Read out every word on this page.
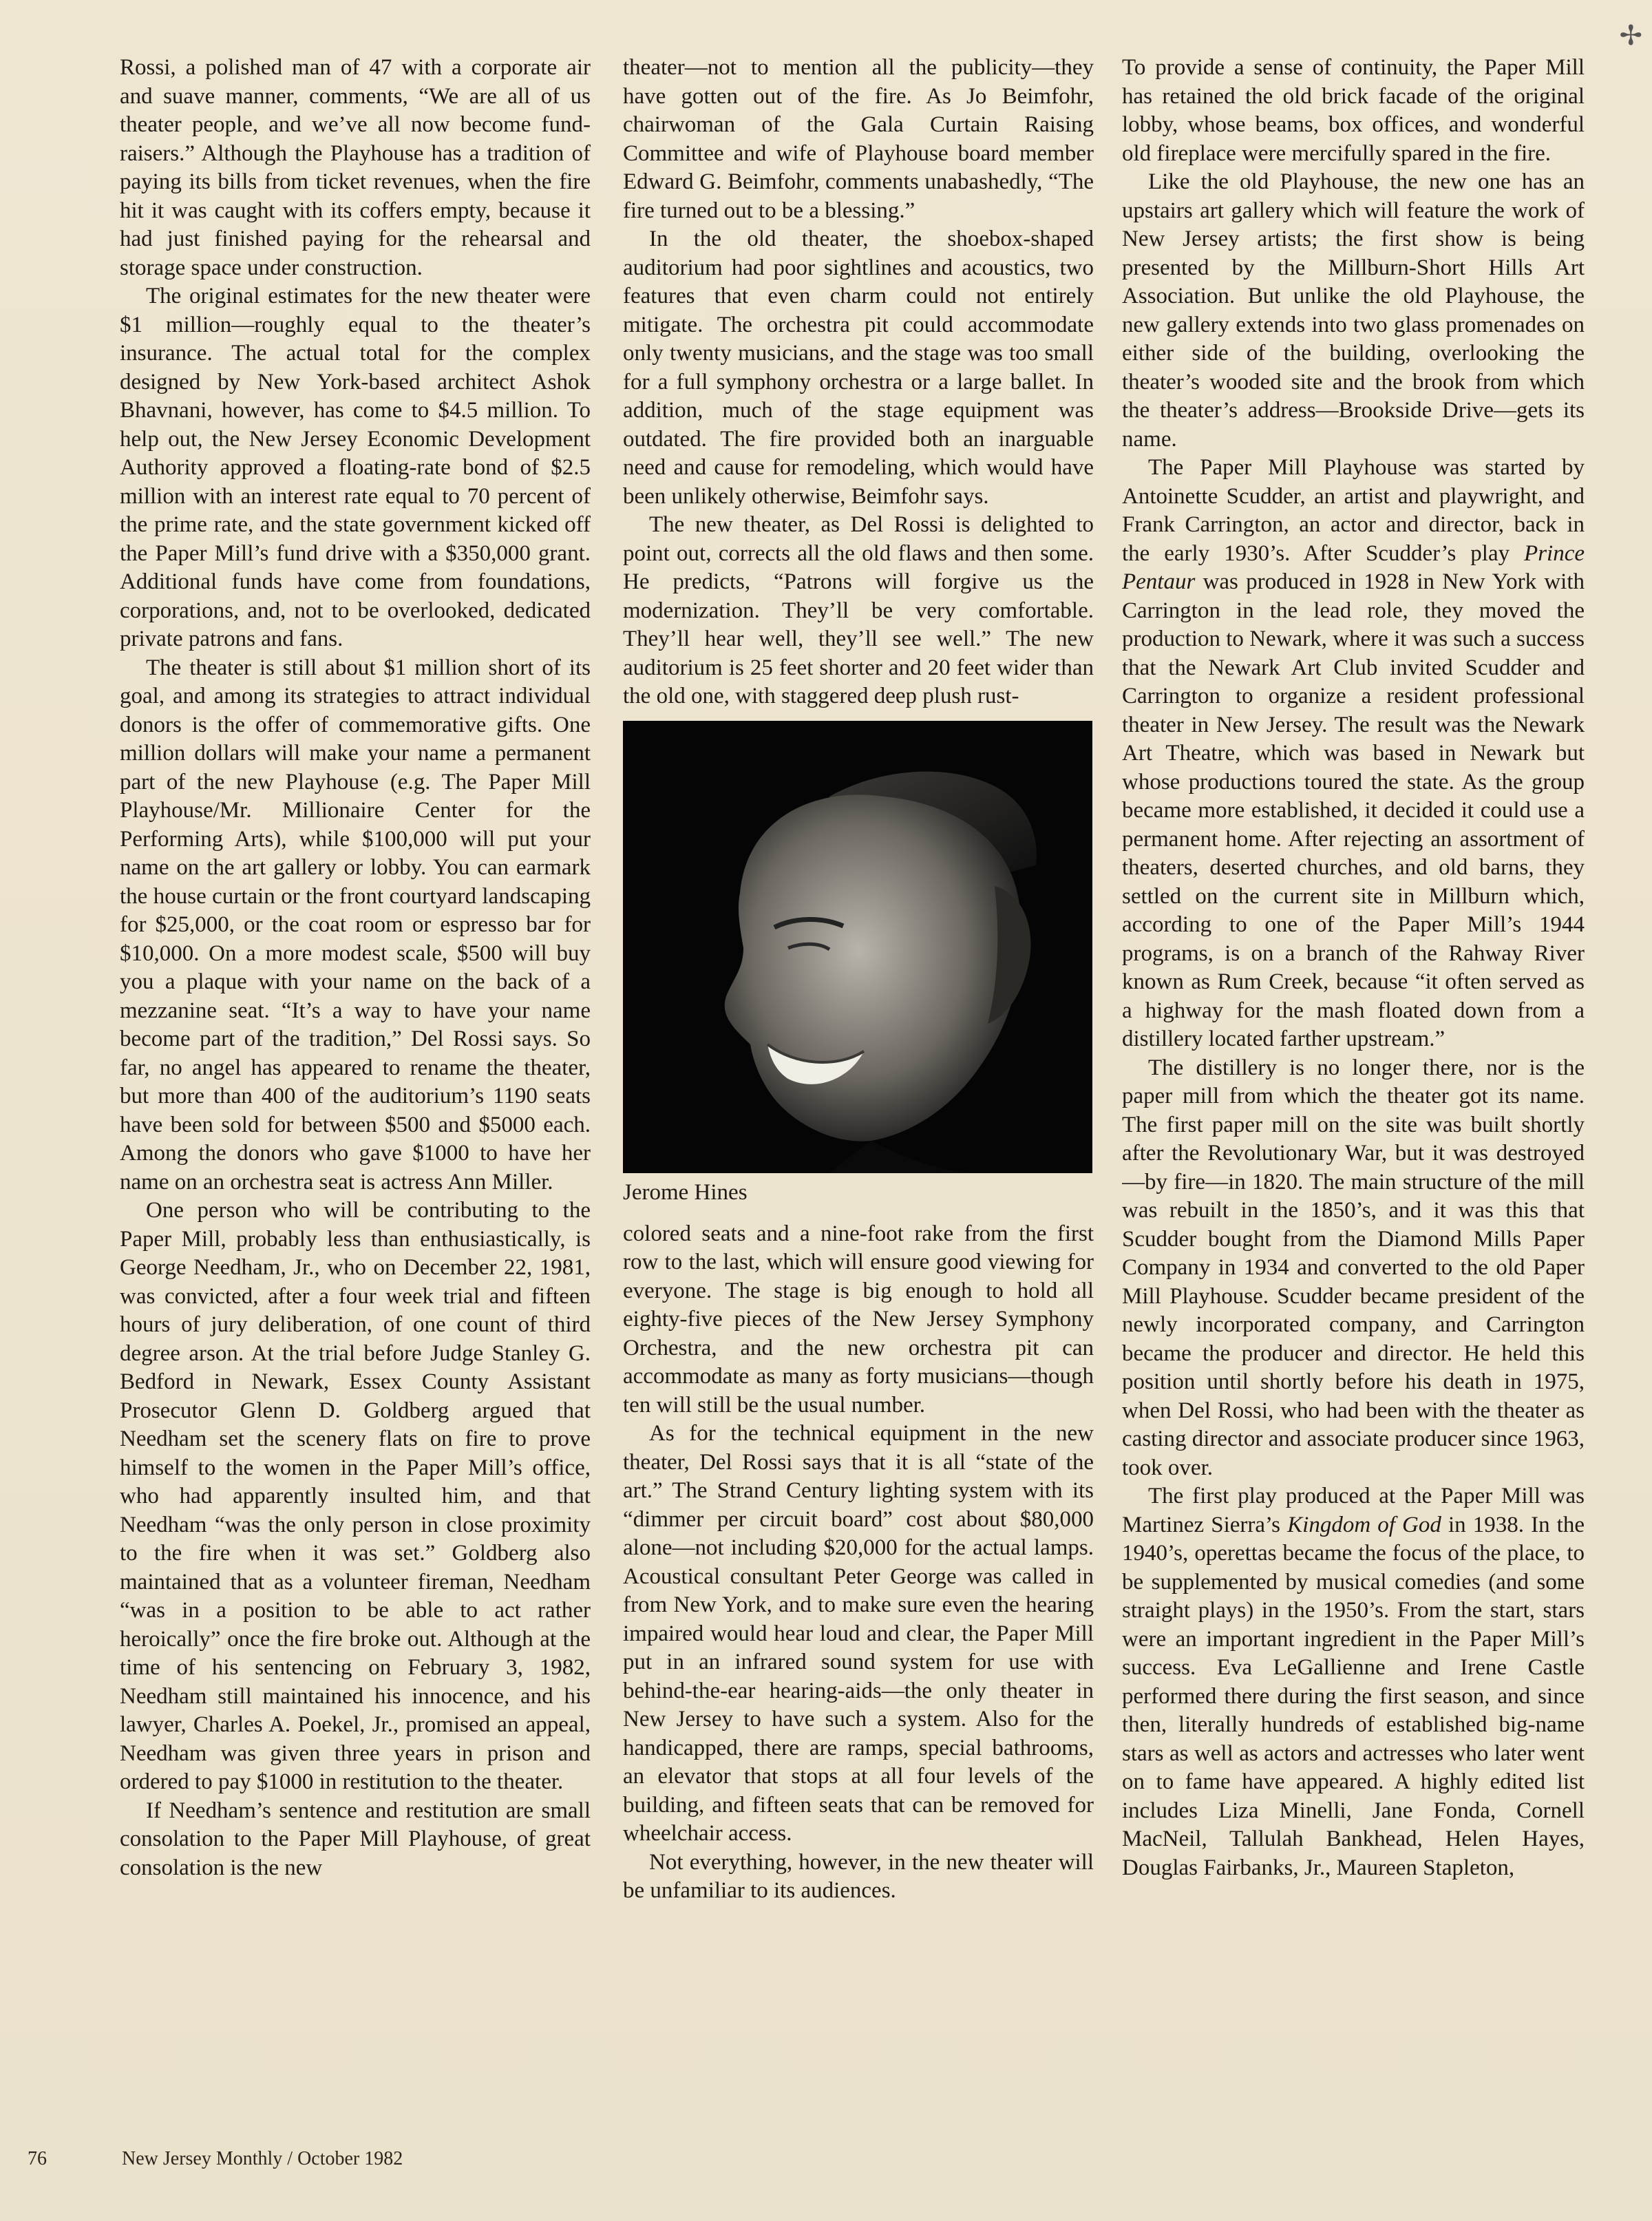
Rossi, a polished man of 47 with a corporate air and suave manner, comments, “We are all of us theater people, and we’ve all now become fund-raisers.” Although the Playhouse has a tradition of paying its bills from ticket revenues, when the fire hit it was caught with its coffers empty, because it had just finished paying for the rehearsal and storage space under construction.

The original estimates for the new theater were $1 million—roughly equal to the theater’s insurance. The actual total for the complex designed by New York-based architect Ashok Bhavnani, however, has come to $4.5 million. To help out, the New Jersey Economic Development Authority approved a floating-rate bond of $2.5 million with an interest rate equal to 70 percent of the prime rate, and the state government kicked off the Paper Mill’s fund drive with a $350,000 grant. Additional funds have come from foundations, corporations, and, not to be overlooked, dedicated private patrons and fans.

The theater is still about $1 million short of its goal, and among its strategies to attract individual donors is the offer of commemorative gifts. One million dollars will make your name a permanent part of the new Playhouse (e.g. The Paper Mill Playhouse/Mr. Millionaire Center for the Performing Arts), while $100,000 will put your name on the art gallery or lobby. You can earmark the house curtain or the front courtyard landscaping for $25,000, or the coat room or espresso bar for $10,000. On a more modest scale, $500 will buy you a plaque with your name on the back of a mezzanine seat. “It’s a way to have your name become part of the tradition,” Del Rossi says. So far, no angel has appeared to rename the theater, but more than 400 of the auditorium’s 1190 seats have been sold for between $500 and $5000 each. Among the donors who gave $1000 to have her name on an orchestra seat is actress Ann Miller.

One person who will be contributing to the Paper Mill, probably less than enthusiastically, is George Needham, Jr., who on December 22, 1981, was convicted, after a four week trial and fifteen hours of jury deliberation, of one count of third degree arson. At the trial before Judge Stanley G. Bedford in Newark, Essex County Assistant Prosecutor Glenn D. Goldberg argued that Needham set the scenery flats on fire to prove himself to the women in the Paper Mill’s office, who had apparently insulted him, and that Needham “was the only person in close proximity to the fire when it was set.” Goldberg also maintained that as a volunteer fireman, Needham “was in a position to be able to act rather heroically” once the fire broke out. Although at the time of his sentencing on February 3, 1982, Needham still maintained his innocence, and his lawyer, Charles A. Poekel, Jr., promised an appeal, Needham was given three years in prison and ordered to pay $1000 in restitution to the theater.

If Needham’s sentence and restitution are small consolation to the Paper Mill Playhouse, of great consolation is the new

theater—not to mention all the publicity—they have gotten out of the fire. As Jo Beimfohr, chairwoman of the Gala Curtain Raising Committee and wife of Playhouse board member Edward G. Beimfohr, comments unabashedly, “The fire turned out to be a blessing.”

In the old theater, the shoebox-shaped auditorium had poor sightlines and acoustics, two features that even charm could not entirely mitigate. The orchestra pit could accommodate only twenty musicians, and the stage was too small for a full symphony orchestra or a large ballet. In addition, much of the stage equipment was outdated. The fire provided both an inarguable need and cause for remodeling, which would have been unlikely otherwise, Beimfohr says.

The new theater, as Del Rossi is delighted to point out, corrects all the old flaws and then some. He predicts, “Patrons will forgive us the modernization. They’ll be very comfortable. They’ll hear well, they’ll see well.” The new auditorium is 25 feet shorter and 20 feet wider than the old one, with staggered deep plush rust-

Jerome Hines

colored seats and a nine-foot rake from the first row to the last, which will ensure good viewing for everyone. The stage is big enough to hold all eighty-five pieces of the New Jersey Symphony Orchestra, and the new orchestra pit can accommodate as many as forty musicians—though ten will still be the usual number.

As for the technical equipment in the new theater, Del Rossi says that it is all “state of the art.” The Strand Century lighting system with its “dimmer per circuit board” cost about $80,000 alone—not including $20,000 for the actual lamps. Acoustical consultant Peter George was called in from New York, and to make sure even the hearing impaired would hear loud and clear, the Paper Mill put in an infrared sound system for use with behind-the-ear hearing-aids—the only theater in New Jersey to have such a system. Also for the handicapped, there are ramps, special bathrooms, an elevator that stops at all four levels of the building, and fifteen seats that can be removed for wheelchair access.

Not everything, however, in the new theater will be unfamiliar to its audiences.

To provide a sense of continuity, the Paper Mill has retained the old brick facade of the original lobby, whose beams, box offices, and wonderful old fireplace were mercifully spared in the fire.

Like the old Playhouse, the new one has an upstairs art gallery which will feature the work of New Jersey artists; the first show is being presented by the Millburn-Short Hills Art Association. But unlike the old Playhouse, the new gallery extends into two glass promenades on either side of the building, overlooking the theater’s wooded site and the brook from which the theater’s address—Brookside Drive—gets its name.

The Paper Mill Playhouse was started by Antoinette Scudder, an artist and playwright, and Frank Carrington, an actor and director, back in the early 1930’s. After Scudder’s play Prince Pentaur was produced in 1928 in New York with Carrington in the lead role, they moved the production to Newark, where it was such a success that the Newark Art Club invited Scudder and Carrington to organize a resident professional theater in New Jersey. The result was the Newark Art Theatre, which was based in Newark but whose productions toured the state. As the group became more established, it decided it could use a permanent home. After rejecting an assortment of theaters, deserted churches, and old barns, they settled on the current site in Millburn which, according to one of the Paper Mill’s 1944 programs, is on a branch of the Rahway River known as Rum Creek, because “it often served as a highway for the mash floated down from a distillery located farther upstream.”

The distillery is no longer there, nor is the paper mill from which the theater got its name. The first paper mill on the site was built shortly after the Revolutionary War, but it was destroyed—by fire—in 1820. The main structure of the mill was rebuilt in the 1850’s, and it was this that Scudder bought from the Diamond Mills Paper Company in 1934 and converted to the old Paper Mill Playhouse. Scudder became president of the newly incorporated company, and Carrington became the producer and director. He held this position until shortly before his death in 1975, when Del Rossi, who had been with the theater as casting director and associate producer since 1963, took over.

The first play produced at the Paper Mill was Martinez Sierra’s Kingdom of God in 1938. In the 1940’s, operettas became the focus of the place, to be supplemented by musical comedies (and some straight plays) in the 1950’s. From the start, stars were an important ingredient in the Paper Mill’s success. Eva LeGallienne and Irene Castle performed there during the first season, and since then, literally hundreds of established big-name stars as well as actors and actresses who later went on to fame have appeared. A highly edited list includes Liza Minelli, Jane Fonda, Cornell MacNeil, Tallulah Bankhead, Helen Hayes, Douglas Fairbanks, Jr., Maureen Stapleton,

76	New Jersey Monthly / October 1982
✢
